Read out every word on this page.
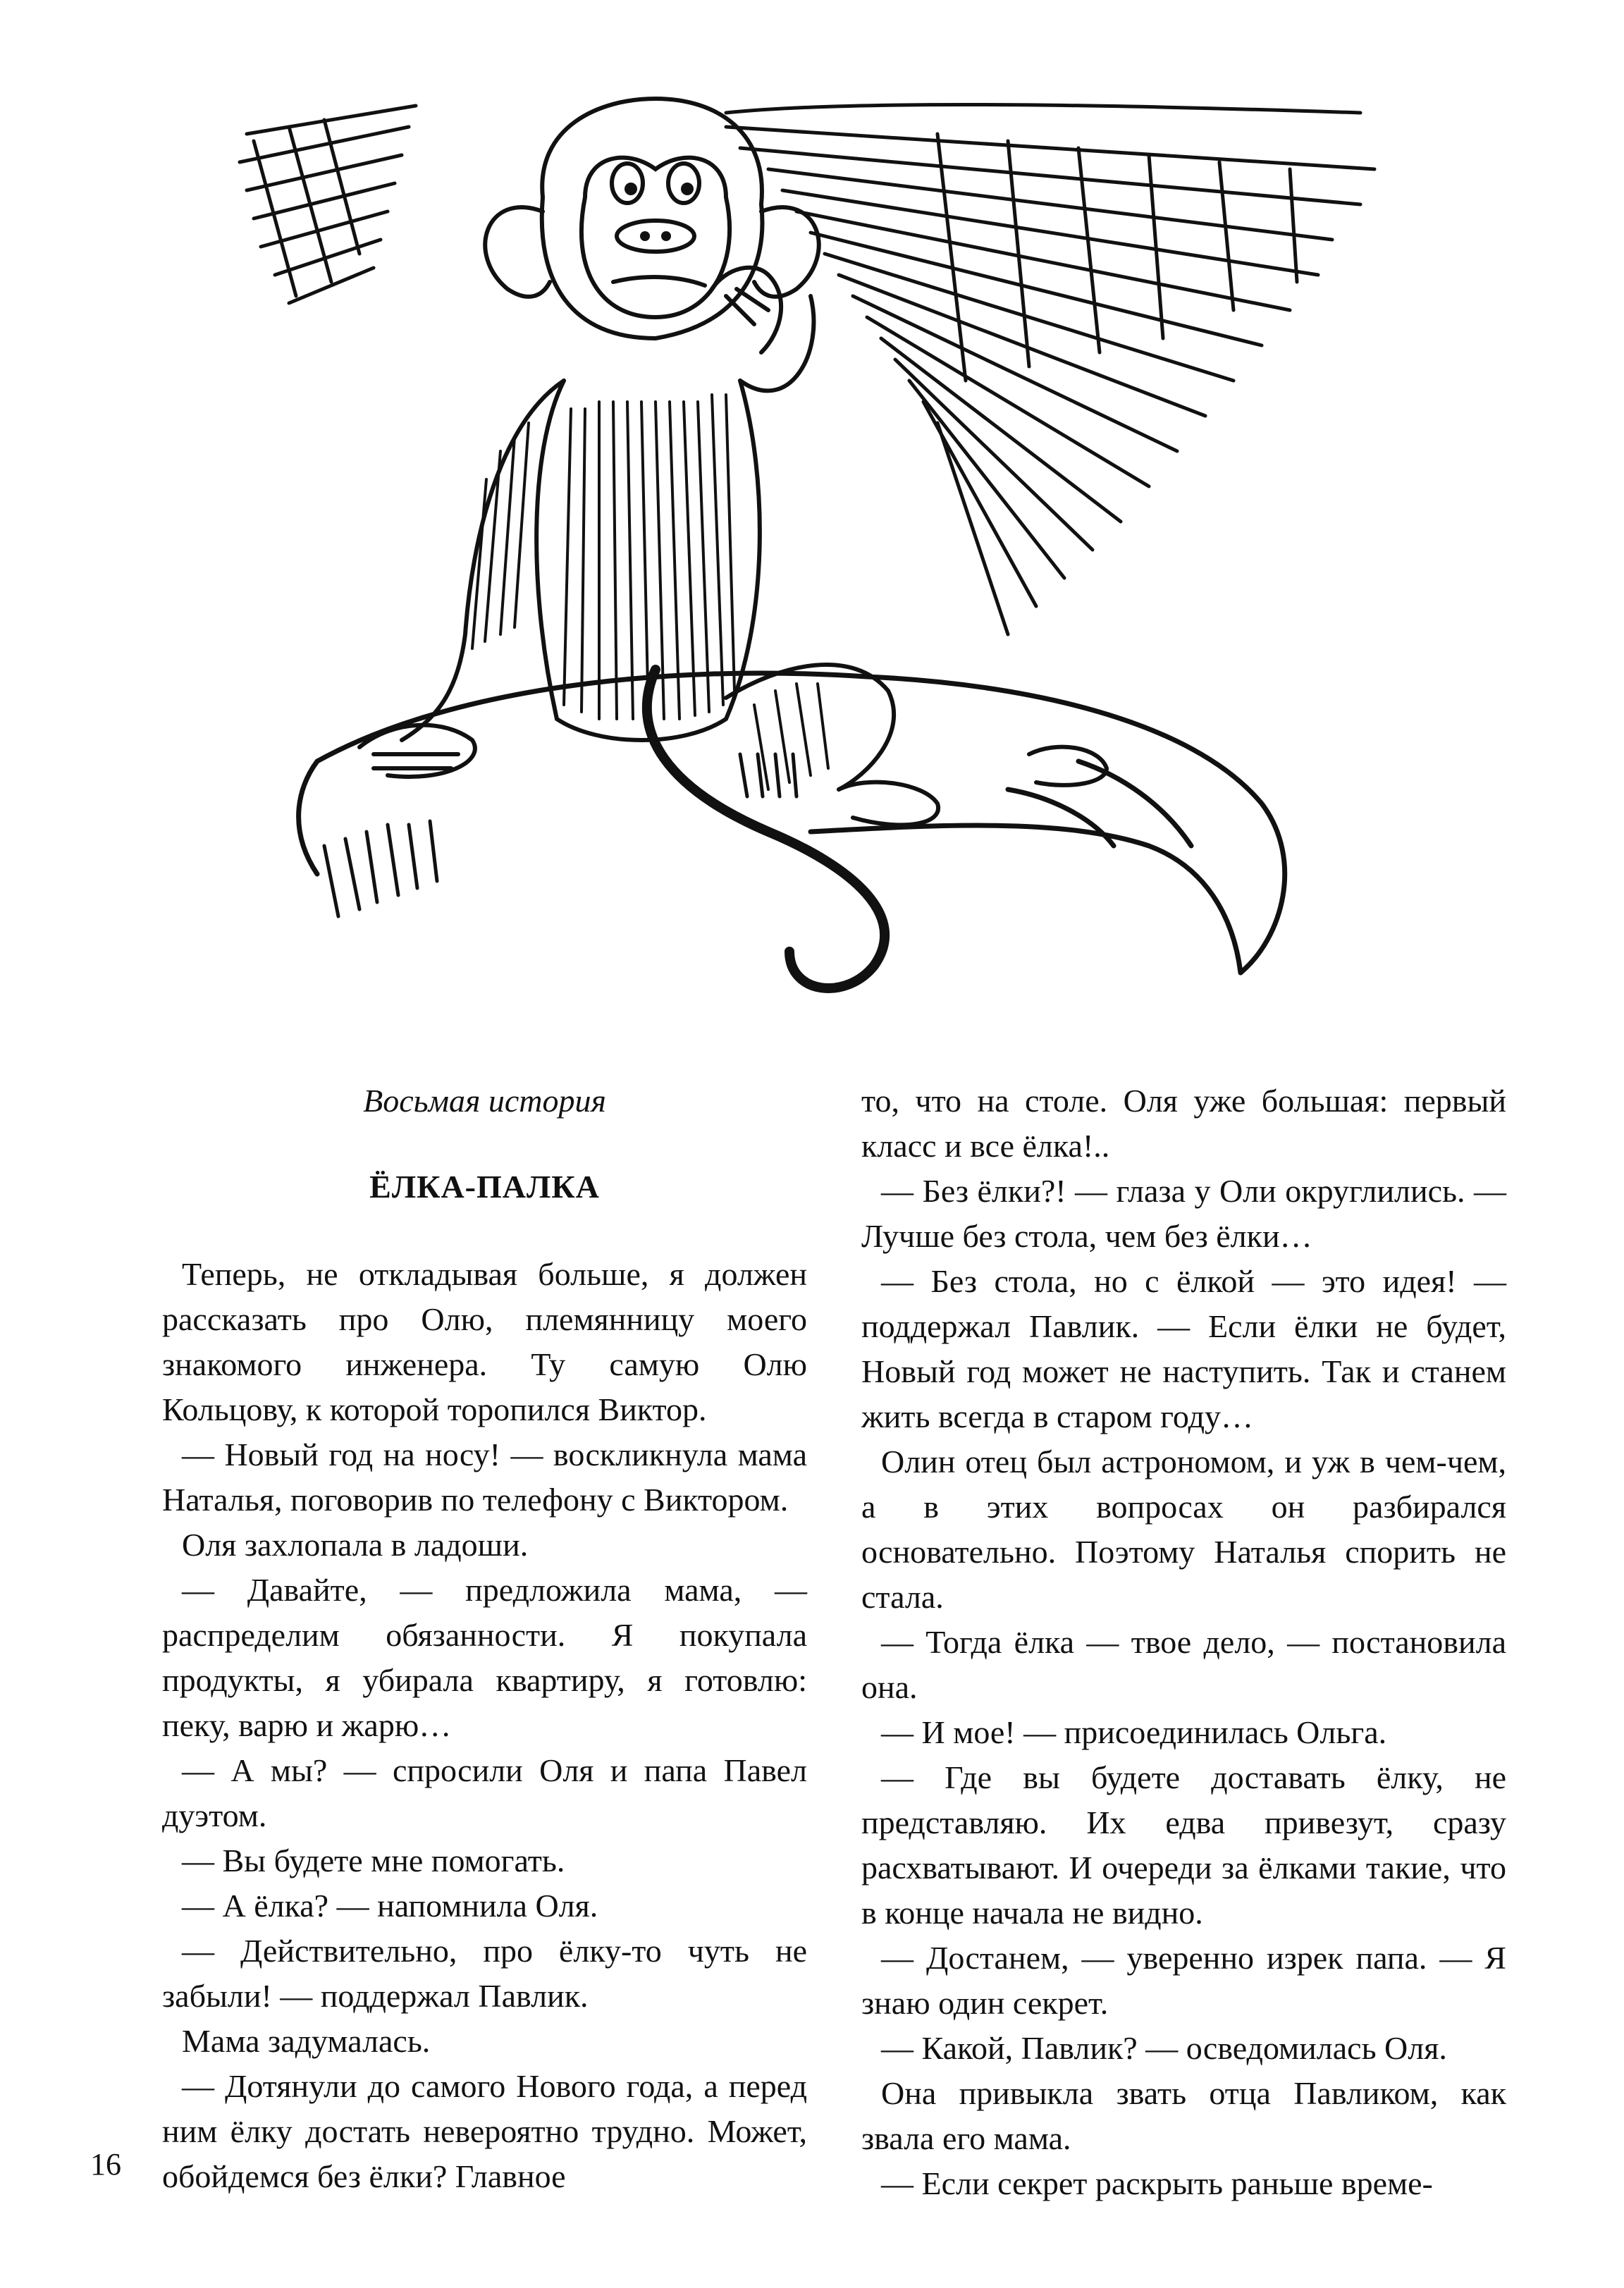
Восьмая история
ЁЛКА-ПАЛКА

Теперь, не откладывая больше, я должен рассказать про Олю, племянницу моего знакомого инженера. Ту самую Олю Кольцову, к которой торопился Виктор.

— Новый год на носу! — воскликнула мама Наталья, поговорив по телефону с Виктором.

Оля захлопала в ладоши.

— Давайте, — предложила мама, — распределим обязанности. Я покупала продукты, я убирала квартиру, я готовлю: пеку, варю и жарю…

— А мы? — спросили Оля и папа Павел дуэтом.

— Вы будете мне помогать.

— А ёлка? — напомнила Оля.

— Действительно, про ёлку-то чуть не забыли! — поддержал Павлик.

Мама задумалась.

— Дотянули до самого Нового года, а перед ним ёлку достать невероятно трудно. Может, обойдемся без ёлки? Главное

то, что на столе. Оля уже большая: первый класс и все ёлка!..

— Без ёлки?! — глаза у Оли округлились. — Лучше без стола, чем без ёлки…

— Без стола, но с ёлкой — это идея! — поддержал Павлик. — Если ёлки не будет, Новый год может не наступить. Так и станем жить всегда в старом году…

Олин отец был астрономом, и уж в чем-чем, а в этих вопросах он разбирался основательно. Поэтому Наталья спорить не стала.

— Тогда ёлка — твое дело, — постановила она.

— И мое! — присоединилась Ольга.

— Где вы будете доставать ёлку, не представляю. Их едва привезут, сразу расхватывают. И очереди за ёлками такие, что в конце начала не видно.

— Достанем, — уверенно изрек папа. — Я знаю один секрет.

— Какой, Павлик? — осведомилась Оля.

Она привыкла звать отца Павликом, как звала его мама.

— Если секрет раскрыть раньше време-

16
